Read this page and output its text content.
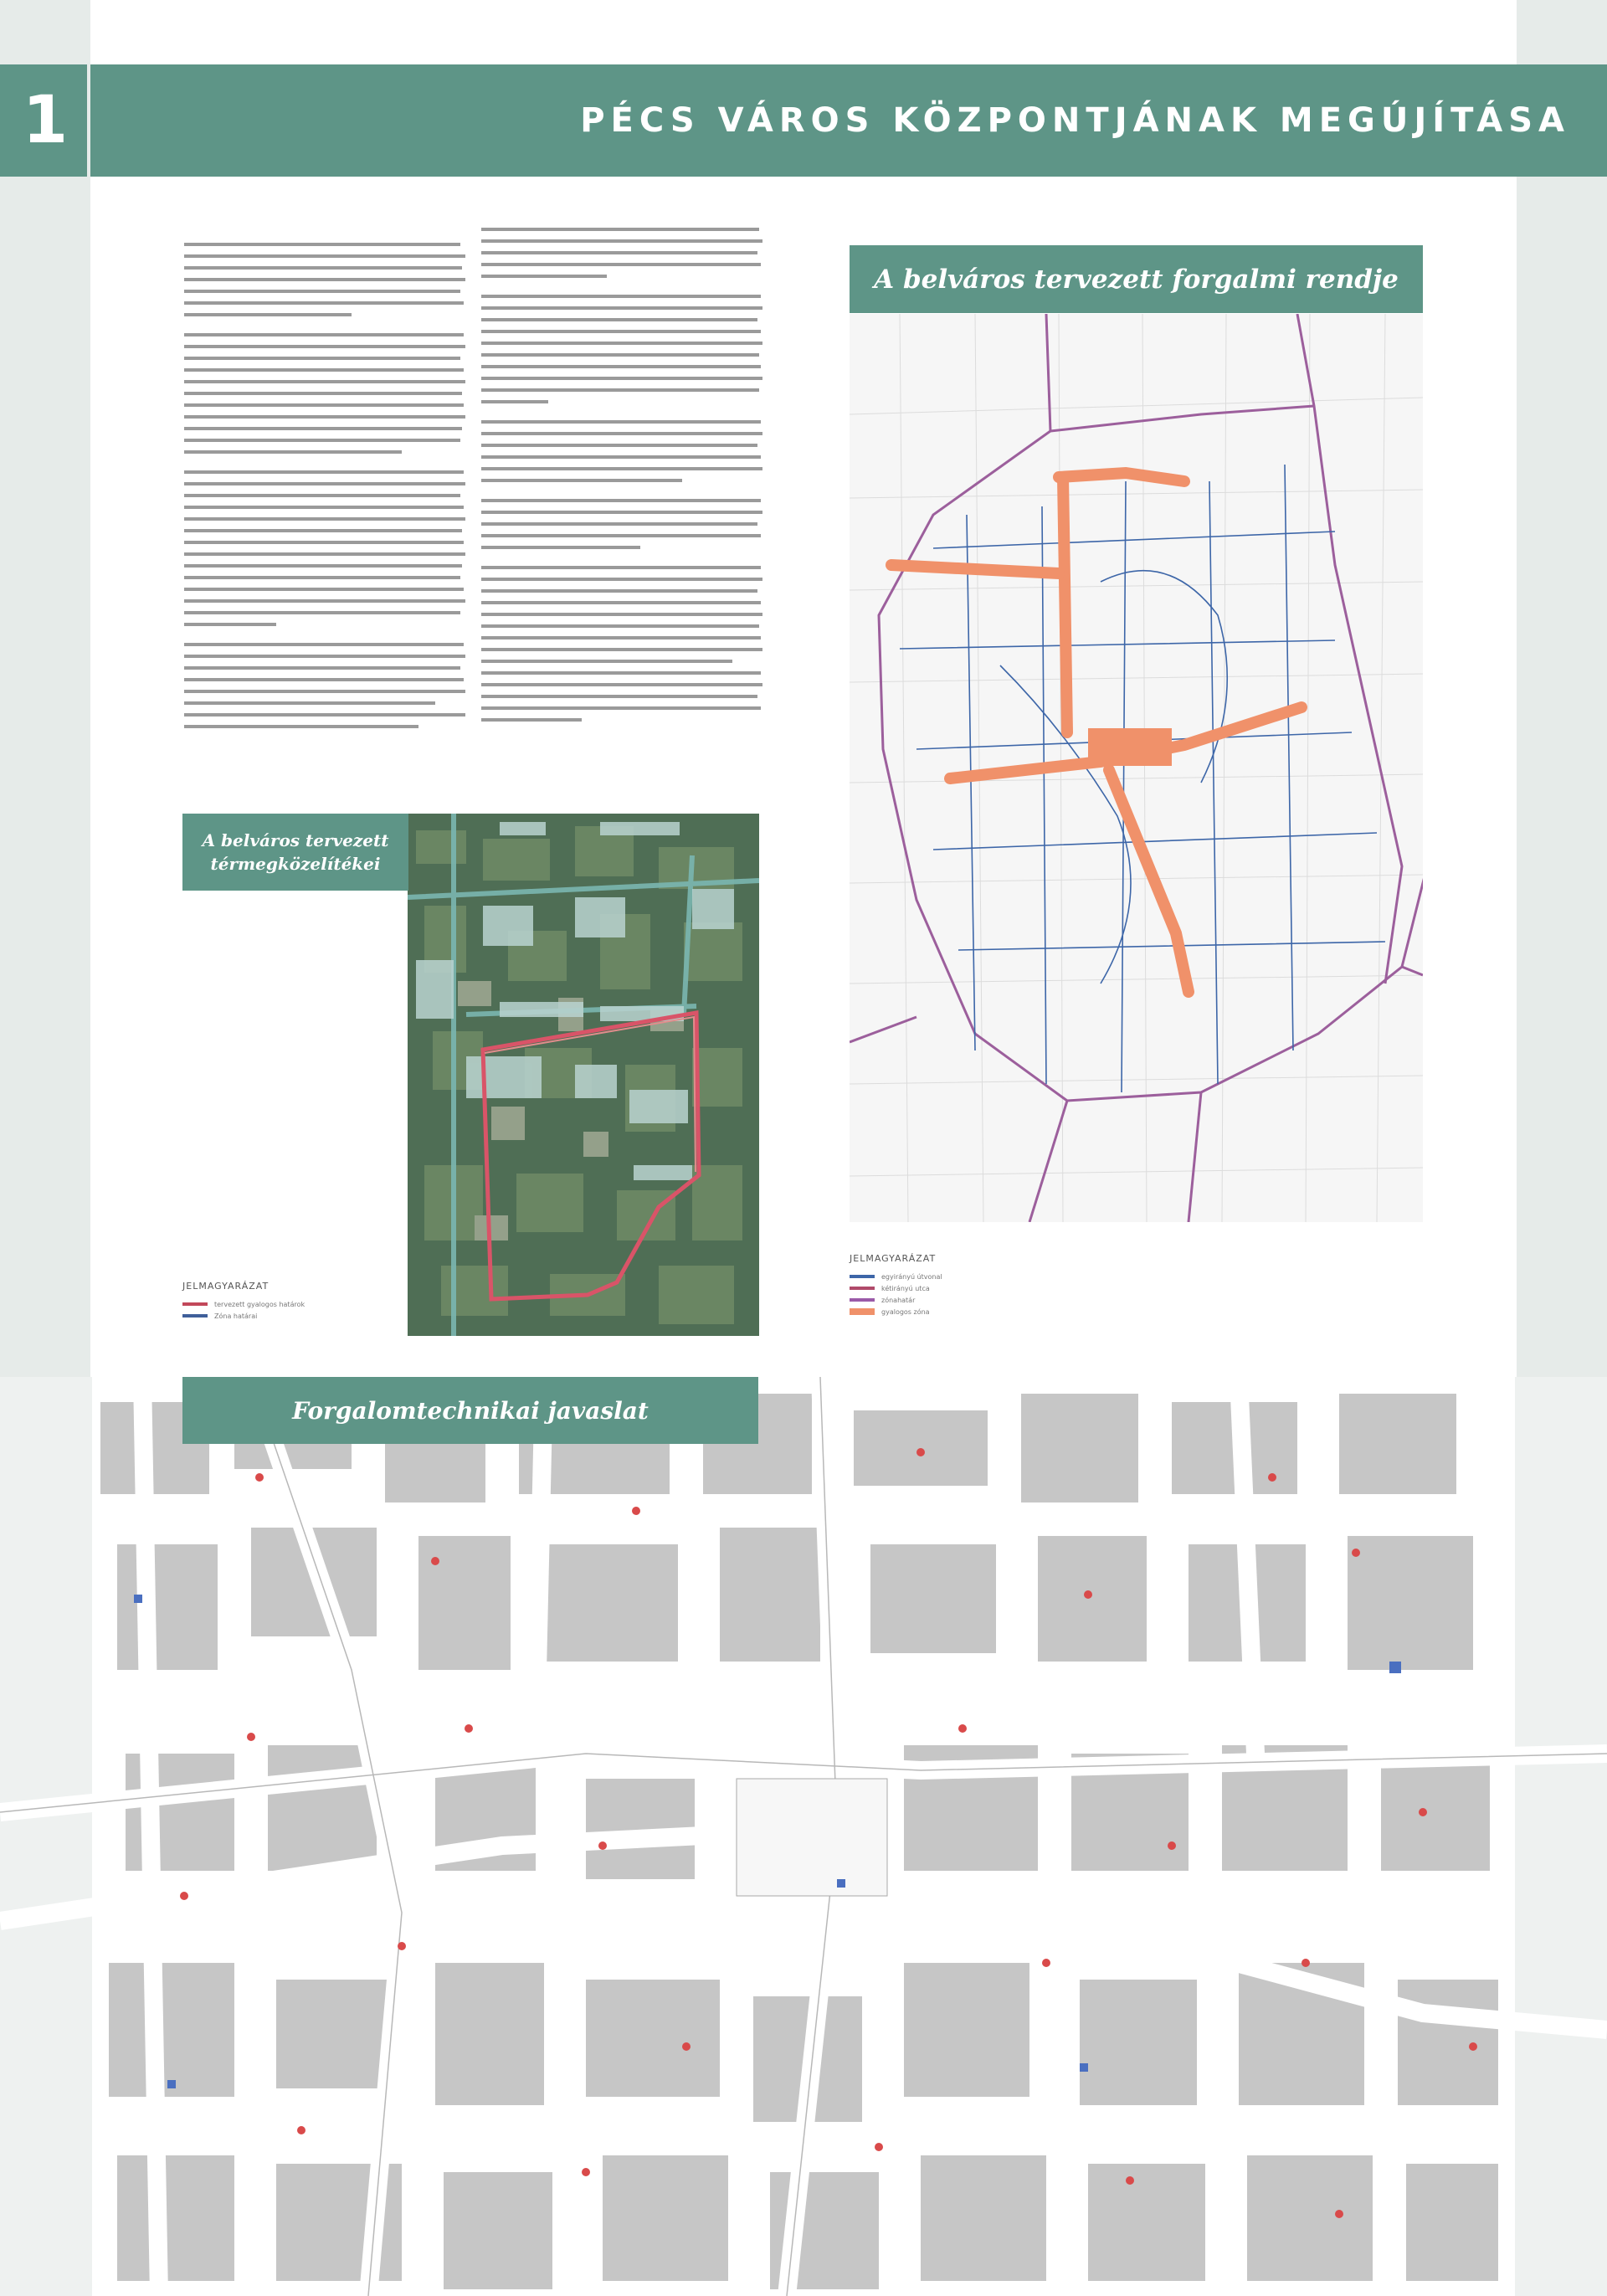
1	PÉCS VÁROS KÖZPONTJÁNAK MEGÚJÍTÁSA
A belváros tervezett forgalmi rendje
JELMAGYARÁZAT
egyirányú útvonal
kétirányú utca
zónahatár
gyalogos zóna
A belváros tervezett
térmegközelítékei
JELMAGYARÁZAT
tervezett gyalogos határok
Zóna határai
Forgalomtechnikai javaslat
